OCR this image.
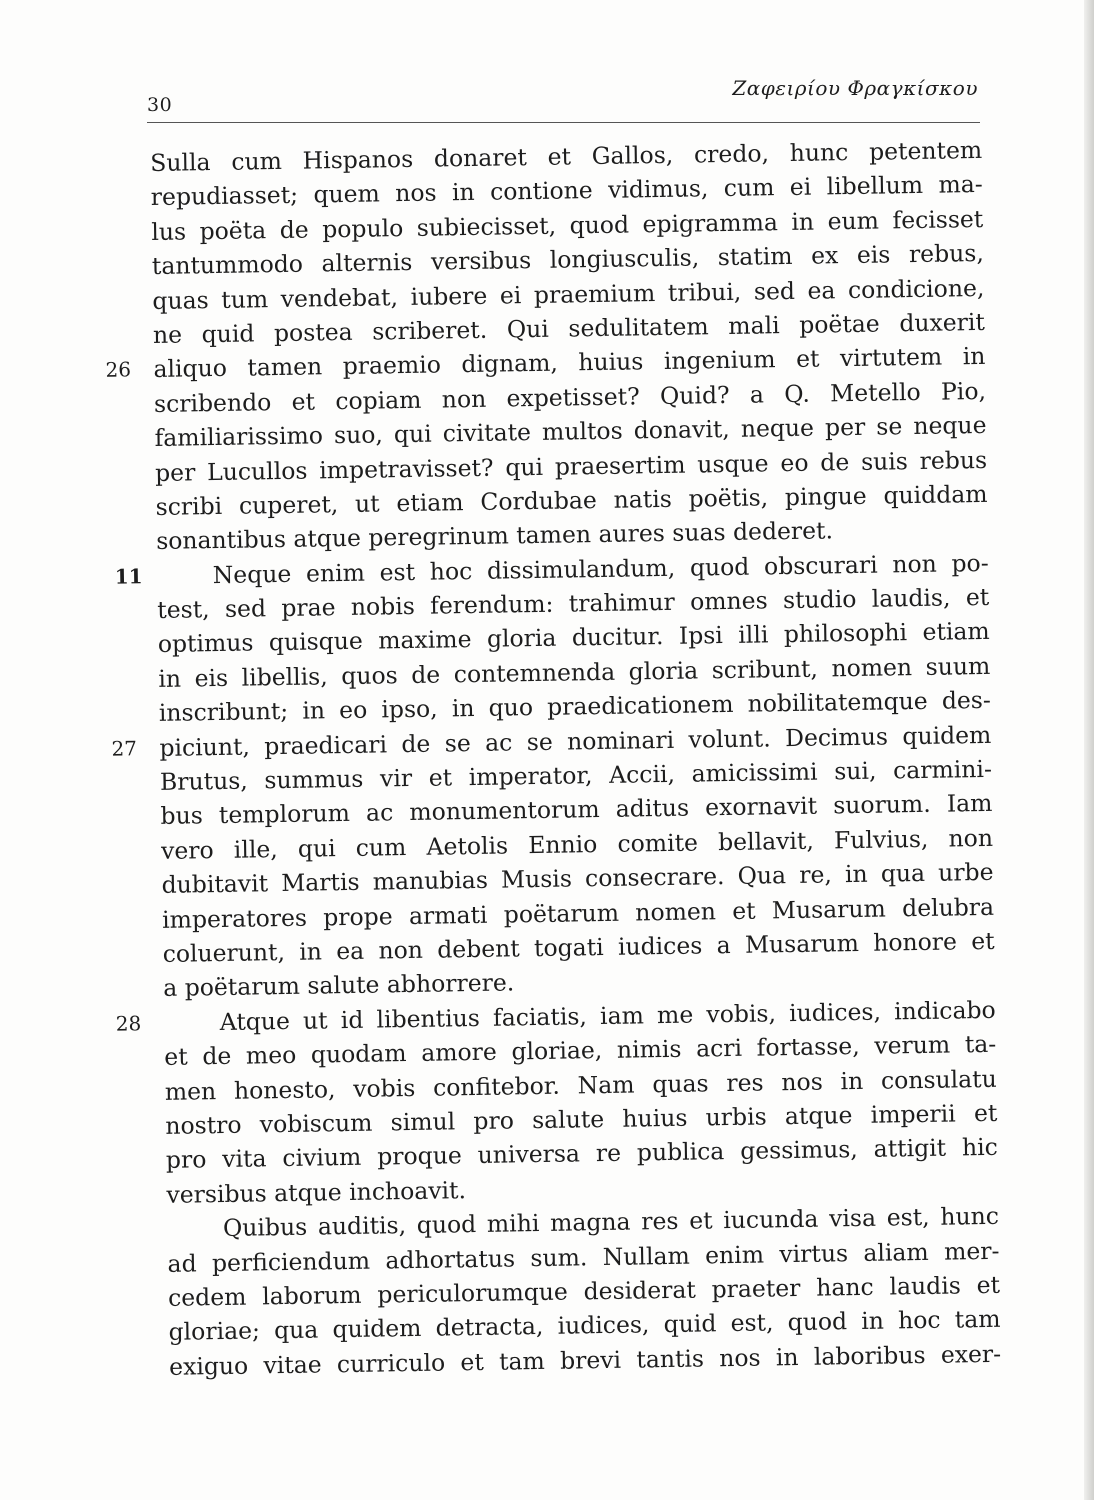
30
Ζαφειρίου Φραγκίσκου
Sulla cum Hispanos donaret et Gallos, credo, hunc petentem
repudiasset; quem nos in contione vidimus, cum ei libellum ma-
lus poëta de populo subiecisset, quod epigramma in eum fecisset
tantummodo alternis versibus longiusculis, statim ex eis rebus,
quas tum vendebat, iubere ei praemium tribui, sed ea condicione,
ne quid postea scriberet. Qui sedulitatem mali poëtae duxerit
26 aliquo tamen praemio dignam, huius ingenium et virtutem in
scribendo et copiam non expetisset? Quid? a Q. Metello Pio,
familiarissimo suo, qui civitate multos donavit, neque per se neque
per Lucullos impetravisset? qui praesertim usque eo de suis rebus
scribi cuperet, ut etiam Cordubae natis poëtis, pingue quiddam
sonantibus atque peregrinum tamen aures suas dederet.
11	Neque enim est hoc dissimulandum, quod obscurari non po-
test, sed prae nobis ferendum: trahimur omnes studio laudis, et
optimus quisque maxime gloria ducitur. Ipsi illi philosophi etiam
in eis libellis, quos de contemnenda gloria scribunt, nomen suum
inscribunt; in eo ipso, in quo praedicationem nobilitatemque des-
27 piciunt, praedicari de se ac se nominari volunt. Decimus quidem
Brutus, summus vir et imperator, Accii, amicissimi sui, carmini-
bus templorum ac monumentorum aditus exornavit suorum. Iam
vero ille, qui cum Aetolis Ennio comite bellavit, Fulvius, non
dubitavit Martis manubias Musis consecrare. Qua re, in qua urbe
imperatores prope armati poëtarum nomen et Musarum delubra
coluerunt, in ea non debent togati iudices a Musarum honore et
a poëtarum salute abhorrere.
28	Atque ut id libentius faciatis, iam me vobis, iudices, indicabo
et de meo quodam amore gloriae, nimis acri fortasse, verum ta-
men honesto, vobis confitebor. Nam quas res nos in consulatu
nostro vobiscum simul pro salute huius urbis atque imperii et
pro vita civium proque universa re publica gessimus, attigit hic
versibus atque inchoavit.
Quibus auditis, quod mihi magna res et iucunda visa est, hunc
ad perficiendum adhortatus sum. Nullam enim virtus aliam mer-
cedem laborum periculorumque desiderat praeter hanc laudis et
gloriae; qua quidem detracta, iudices, quid est, quod in hoc tam
exiguo vitae curriculo et tam brevi tantis nos in laboribus exer-
